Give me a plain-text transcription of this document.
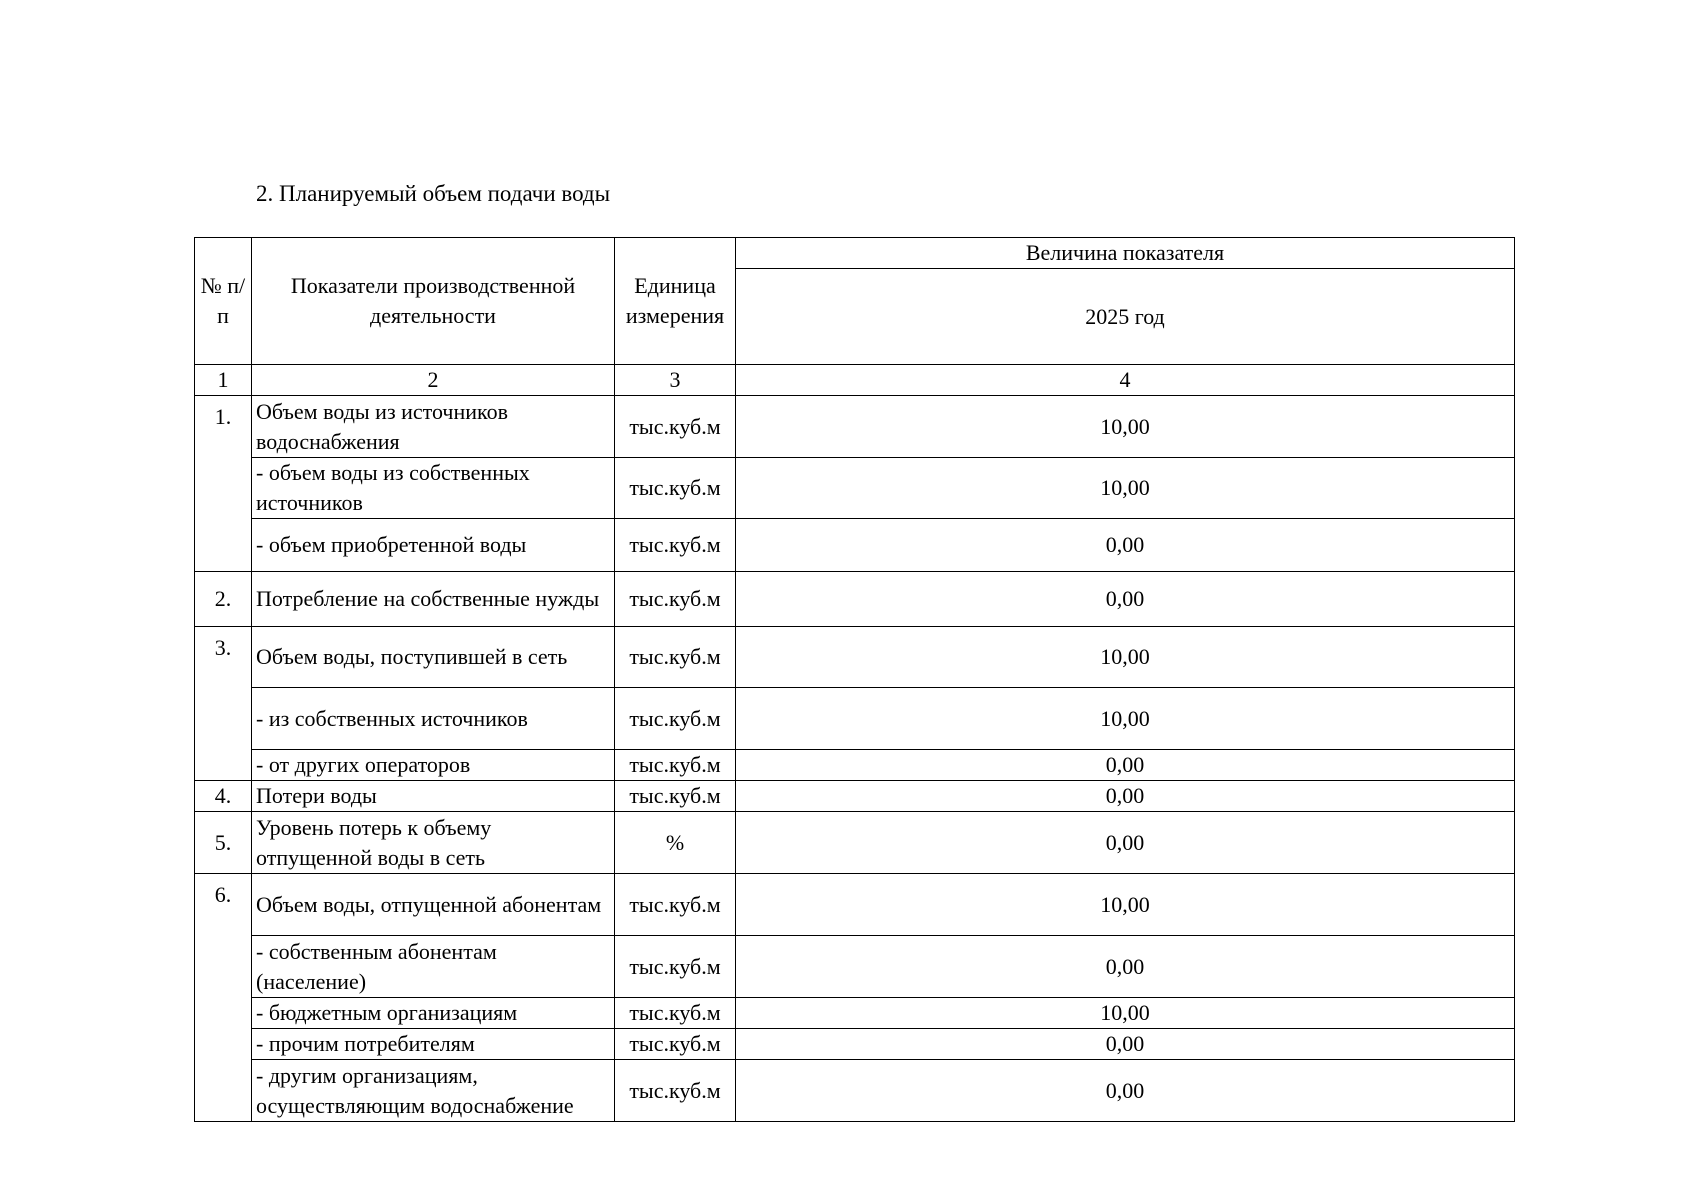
2. Планируемый объем подачи воды
№ п/п	Показатели производственной деятельности	Единица измерения	Величина показателя
			2025 год
1	2	3	4
1.	Объем воды из источников водоснабжения	тыс.куб.м	10,00
	- объем воды из собственных источников	тыс.куб.м	10,00
	- объем приобретенной воды	тыс.куб.м	0,00
2.	Потребление на собственные нужды	тыс.куб.м	0,00
3.	Объем воды, поступившей в сеть	тыс.куб.м	10,00
	- из собственных источников	тыс.куб.м	10,00
	- от других операторов	тыс.куб.м	0,00
4.	Потери воды	тыс.куб.м	0,00
5.	Уровень потерь к объему отпущенной воды в сеть	%	0,00
6.	Объем воды, отпущенной абонентам	тыс.куб.м	10,00
	- собственным абонентам (население)	тыс.куб.м	0,00
	- бюджетным организациям	тыс.куб.м	10,00
	- прочим потребителям	тыс.куб.м	0,00
	- другим организациям, осуществляющим водоснабжение	тыс.куб.м	0,00
